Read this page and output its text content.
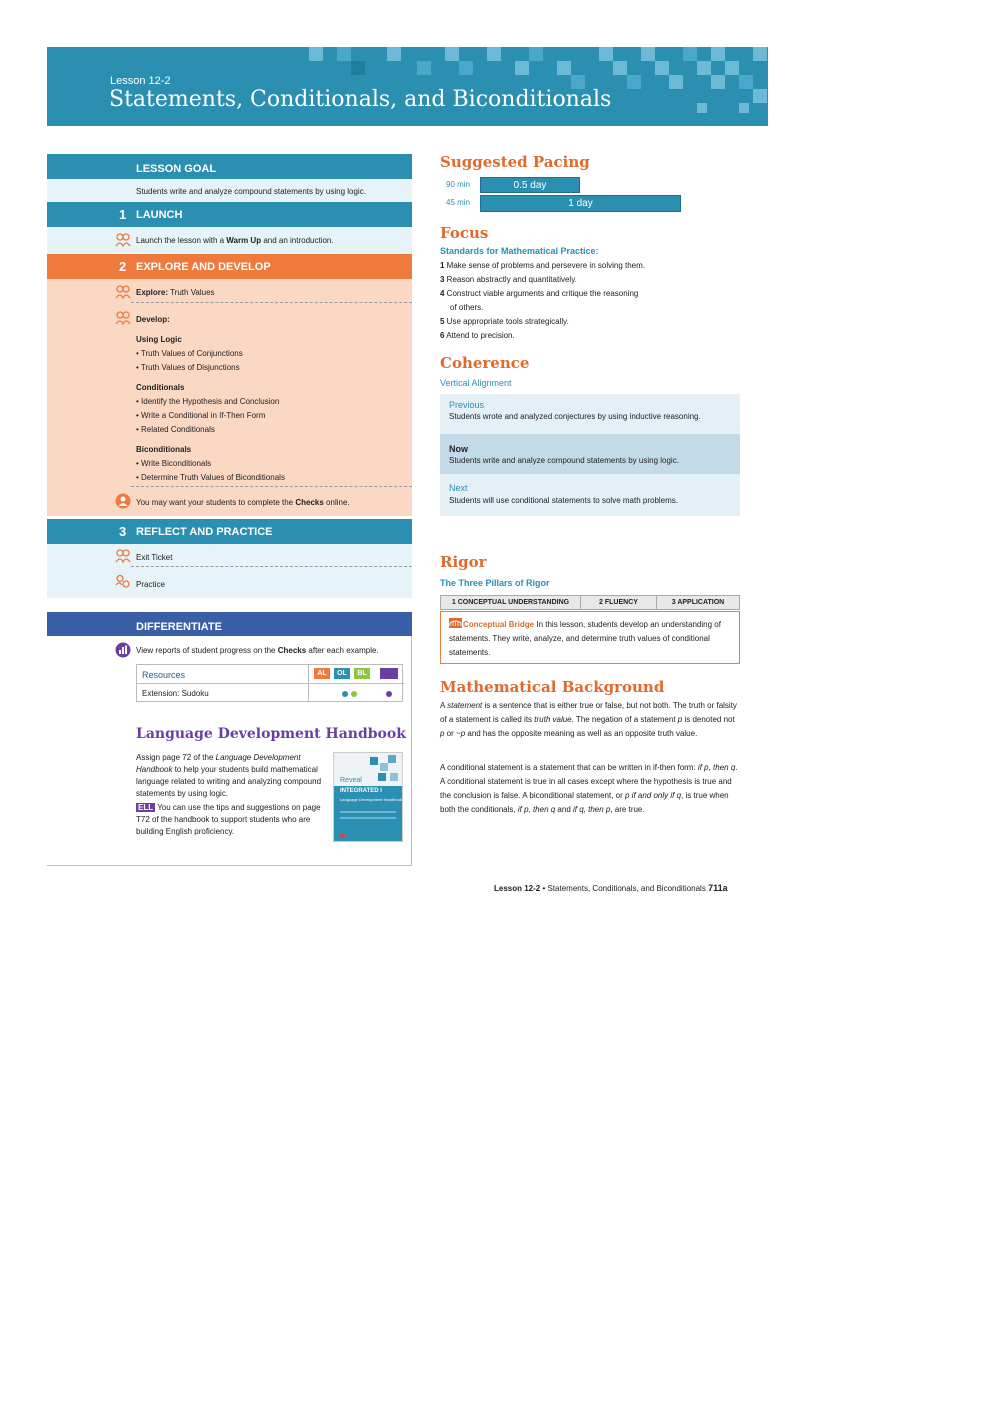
Lesson 12-2
Statements, Conditionals, and Biconditionals
LESSON GOAL
Students write and analyze compound statements by using logic.
1 LAUNCH
Launch the lesson with a Warm Up and an introduction.
2 EXPLORE AND DEVELOP
Explore: Truth Values
Develop:
Using Logic
• Truth Values of Conjunctions
• Truth Values of Disjunctions
Conditionals
• Identify the Hypothesis and Conclusion
• Write a Conditional in If-Then Form
• Related Conditionals
Biconditionals
• Write Biconditionals
• Determine Truth Values of Biconditionals
You may want your students to complete the Checks online.
3 REFLECT AND PRACTICE
Exit Ticket
Practice
DIFFERENTIATE
View reports of student progress on the Checks after each example.
Resources	AL	OL	BL	ELL
Extension: Sudoku
Language Development Handbook
Assign page 72 of the Language Development Handbook to help your students build mathematical language related to writing and analyzing compound statements by using logic.
ELL You can use the tips and suggestions on page T72 of the handbook to support students who are building English proficiency.
Reveal
INTEGRATED I
Language Development Handbook
Suggested Pacing
90 min	0.5 day
45 min	1 day
Focus
Standards for Mathematical Practice:
1 Make sense of problems and persevere in solving them.
3 Reason abstractly and quantitatively.
4 Construct viable arguments and critique the reasoning
of others.
5 Use appropriate tools strategically.
6 Attend to precision.
Coherence
Vertical Alignment
Previous
Students wrote and analyzed conjectures by using inductive reasoning.
Now
Students write and analyze compound statements by using logic.
Next
Students will use conditional statements to solve math problems.
Rigor
The Three Pillars of Rigor
1 CONCEPTUAL UNDERSTANDING	2 FLUENCY	3 APPLICATION
Conceptual Bridge In this lesson, students develop an understanding of statements. They write, analyze, and determine truth values of conditional statements.
Mathematical Background
A statement is a sentence that is either true or false, but not both. The truth or falsity of a statement is called its truth value. The negation of a statement p is denoted not p or ~p and has the opposite meaning as well as an opposite truth value.
A conditional statement is a statement that can be written in if-then form: if p, then q. A conditional statement is true in all cases except where the hypothesis is true and the conclusion is false. A biconditional statement, or p if and only if q, is true when both the conditionals, if p, then q and if q, then p, are true.
Lesson 12-2 • Statements, Conditionals, and Biconditionals 711a
